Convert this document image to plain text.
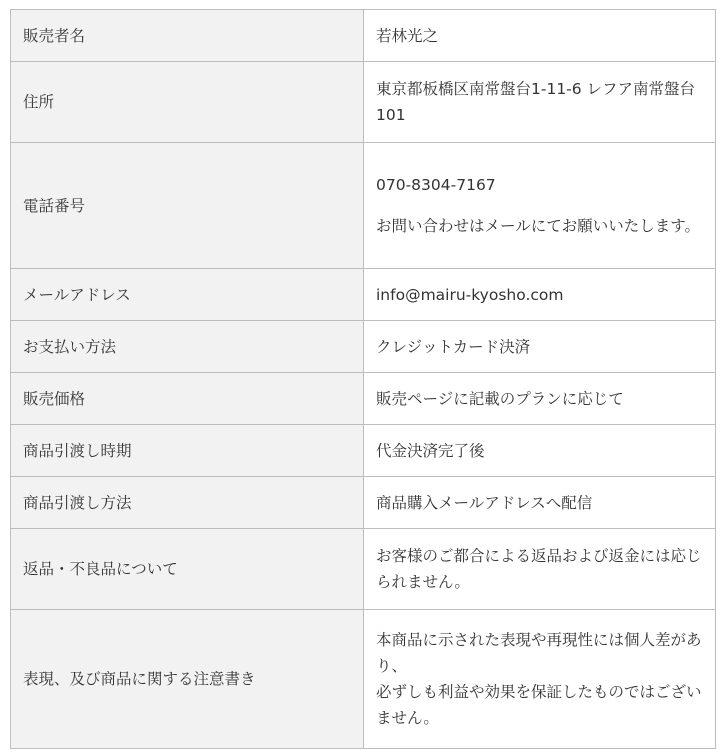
販売者名	若林光之

住所	東京都板橋区南常盤台1-11-6 レフア南常盤台101

電話番号	070-8304-7167
お問い合わせはメールにてお願いいたします。

メールアドレス	info@mairu-kyosho.com

お支払い方法	クレジットカード決済

販売価格	販売ページに記載のプランに応じて

商品引渡し時期	代金決済完了後

商品引渡し方法	商品購入メールアドレスへ配信

返品・不良品について	お客様のご都合による返品および返金には応じられません。

表現、及び商品に関する注意書き	本商品に示された表現や再現性には個人差があり、
必ずしも利益や効果を保証したものではございません。
